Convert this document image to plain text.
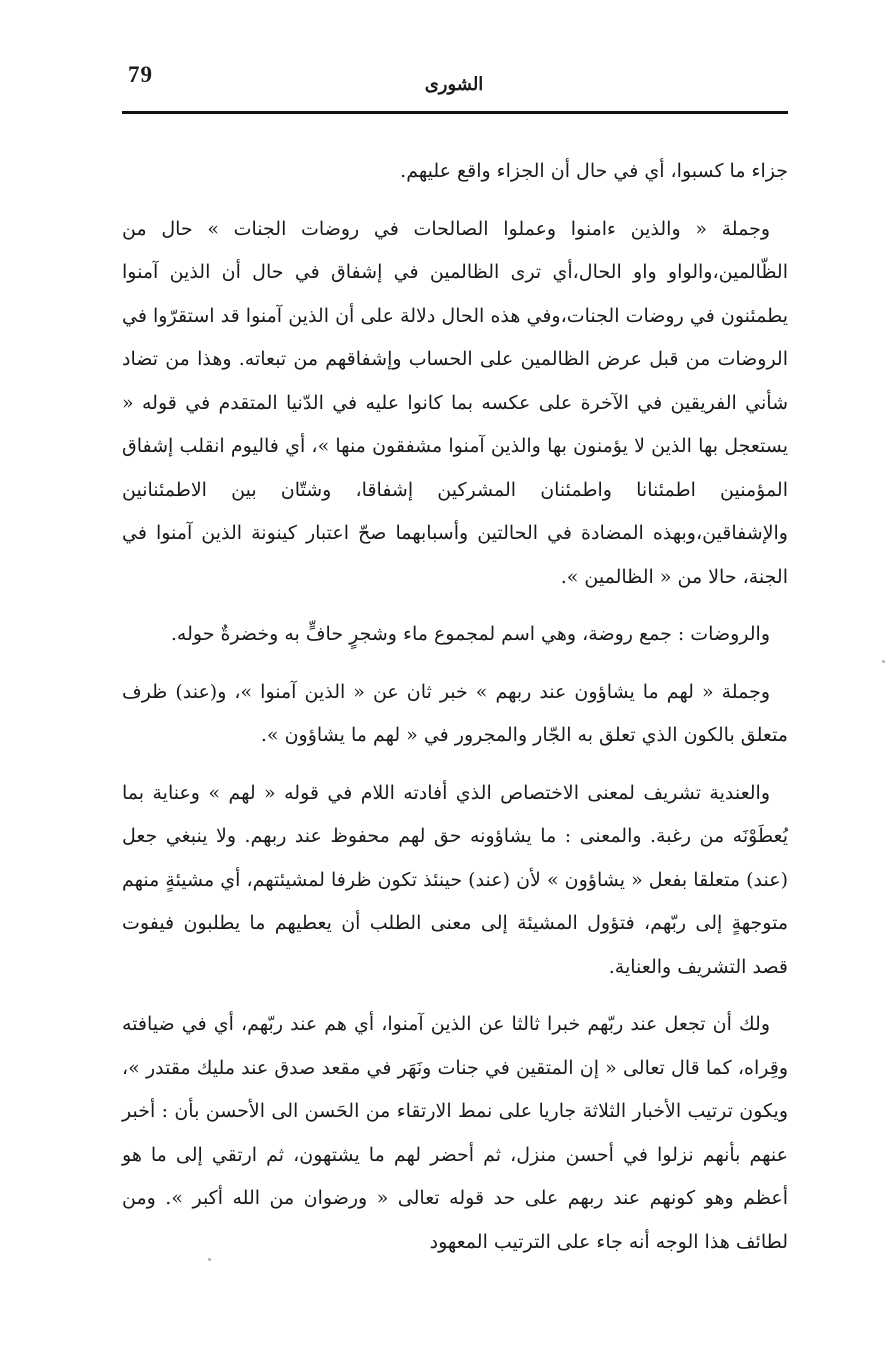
79	الشورى

جزاء ما كسبوا، أي في حال أن الجزاء واقع عليهم.

وجملة « والذين ءامنوا وعملوا الصالحات في روضات الجنات » حال من الظّالمين،والواو واو الحال،أي ترى الظالمين في إشفاق في حال أن الذين آمنوا يطمئنون في روضات الجنات،وفي هذه الحال دلالة على أن الذين آمنوا قد استقرّوا في الروضات من قبل عرض الظالمين على الحساب وإشفاقهم من تبعاته. وهذا من تضاد شأني الفريقين في الآخرة على عكسه بما كانوا عليه في الدّنيا المتقدم في قوله « يستعجل بها الذين لا يؤمنون بها والذين آمنوا مشفقون منها »، أي فاليوم انقلب إشفاق المؤمنين اطمئنانا واطمئنان المشركين إشفاقا، وشتّان بين الاطمئنانين والإشفاقين،وبهذه المضادة في الحالتين وأسبابهما صحّ اعتبار كينونة الذين آمنوا في الجنة، حالا من « الظالمين ».

والروضات : جمع روضة، وهي اسم لمجموع ماء وشجرٍ حافٍّ به وخضرةٌ حوله.

وجملة « لهم ما يشاؤون عند ربهم » خبر ثان عن « الذين آمنوا »، و(عند) ظرف متعلق بالكون الذي تعلق به الجّار والمجرور في « لهم ما يشاؤون ».

والعندية تشريف لمعنى الاختصاص الذي أفادته اللام في قوله « لهم » وعناية بما يُعطَوْنَه من رغبة. والمعنى : ما يشاؤونه حق لهم محفوظ عند ربهم. ولا ينبغي جعل (عند) متعلقا بفعل « يشاؤون » لأن (عند) حينئذ تكون ظرفا لمشيئتهم، أي مشيئةٍ منهم متوجهةٍ إلى ربّهم، فتؤول المشيئة إلى معنى الطلب أن يعطيهم ما يطلبون فيفوت قصد التشريف والعناية.

ولك أن تجعل عند ربّهم خبرا ثالثا عن الذين آمنوا، أي هم عند ربّهم، أي في ضيافته وقِراه، كما قال تعالى « إن المتقين في جنات ونَهَر في مقعد صدق عند مليك مقتدر »، ويكون ترتيب الأخبار الثلاثة جاريا على نمط الارتقاء من الحَسن الى الأحسن بأن : أخبر عنهم بأنهم نزلوا في أحسن منزل، ثم أحضر لهم ما يشتهون، ثم ارتقي إلى ما هو أعظم وهو كونهم عند ربهم على حد قوله تعالى « ورضوان من الله أكبر ». ومن لطائف هذا الوجه أنه جاء على الترتيب المعهود
